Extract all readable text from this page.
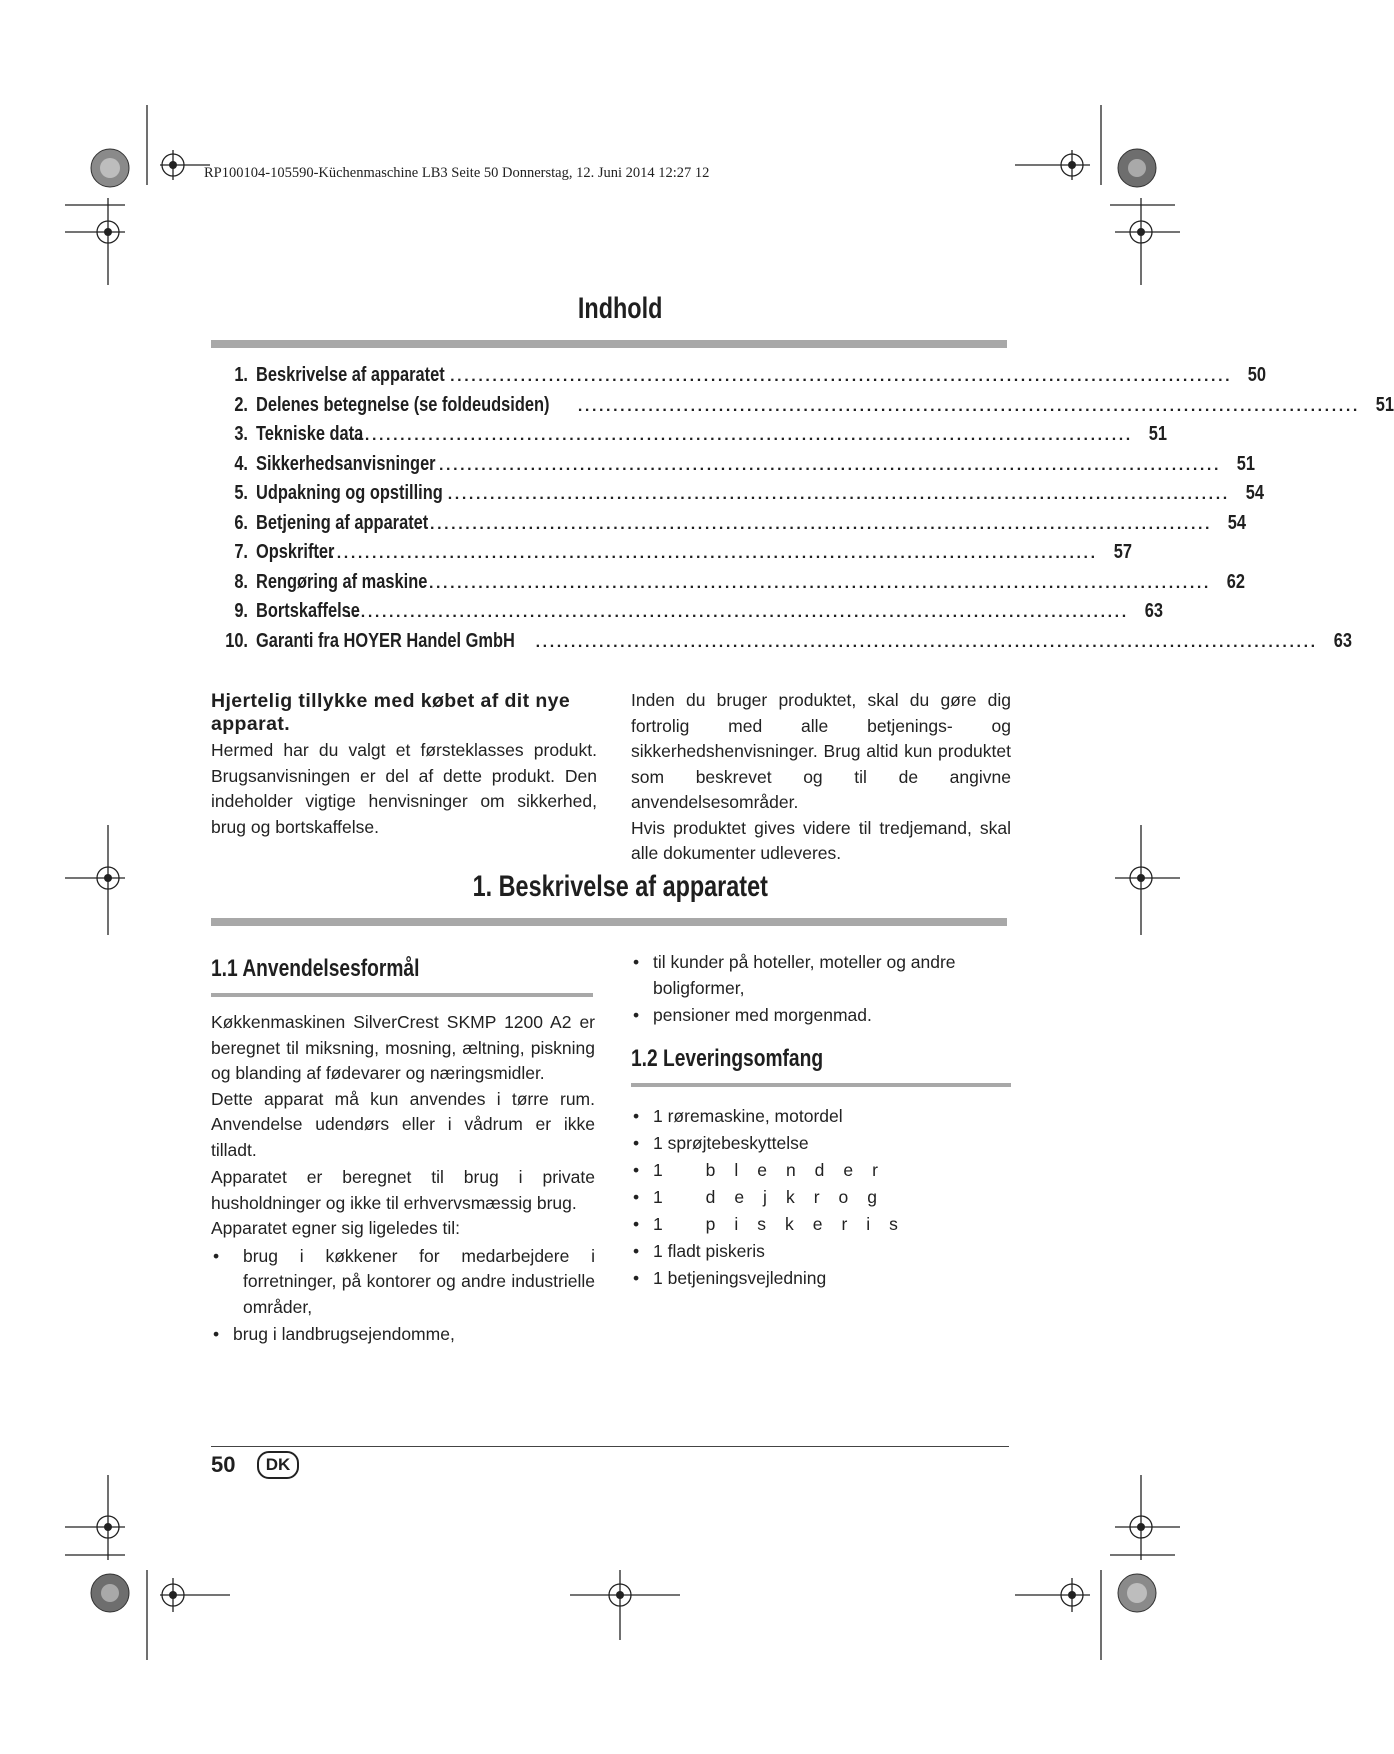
RP100104-105590-Küchenmaschine LB3 Seite 50 Donnerstag, 12. Juni 2014 12:27 12
Indhold
1. Beskrivelse af apparatet ............................................................................................................... 50
2. Delenes betegnelse (se foldeudsiden) ............................................................................................................... 51
3. Tekniske data
............................................................................................................... 51
4. Sikkerhedsanvisninger ............................................................................................................... 51
5. Udpakning og opstilling ............................................................................................................... 54
6. Betjening af apparatet ............................................................................................................... 54
7. Opskrifter
............................................................................................................... 57
8. Rengøring af maskine ............................................................................................................... 62
9. Bortskaffelse
............................................................................................................... 63
10. Garanti fra HOYER Handel GmbH ............................................................................................................... 63
Hjertelig tillykke med købet af dit nye apparat.
Hermed har du valgt et førsteklasses produkt. Brugsanvisningen er del af dette produkt. Den indeholder vigtige henvisninger om sikkerhed, brug og bortskaffelse.
Inden du bruger produktet, skal du gøre dig fortrolig med alle betjenings- og sikkerhedshenvisninger. Brug altid kun produktet som beskrevet og til de angivne anvendelsesområder.
Hvis produktet gives videre til tredjemand, skal alle dokumenter udleveres.
1. Beskrivelse af apparatet
1.1 Anvendelsesformål
Køkkenmaskinen SilverCrest SKMP 1200 A2 er beregnet til miksning, mosning, æltning, piskning og blanding af fødevarer og næringsmidler.
Dette apparat må kun anvendes i tørre rum. Anvendelse udendørs eller i vådrum er ikke tilladt.
Apparatet er beregnet til brug i private husholdninger og ikke til erhvervsmæssig brug.
Apparatet egner sig ligeledes til:
• brug i køkkener for medarbejdere i forretninger, på kontorer og andre industrielle områder,
• brug i landbrugsejendomme,
• til kunder på hoteller, moteller og andre boligformer,
• pensioner med morgenmad.
1.2 Leveringsomfang
• 1 røremaskine, motordel
• 1 sprøjtebeskyttelse
• 1 blender
• 1 dejkrog
• 1 piskeris
• 1 fladt piskeris
• 1 betjeningsvejledning
50	DK
